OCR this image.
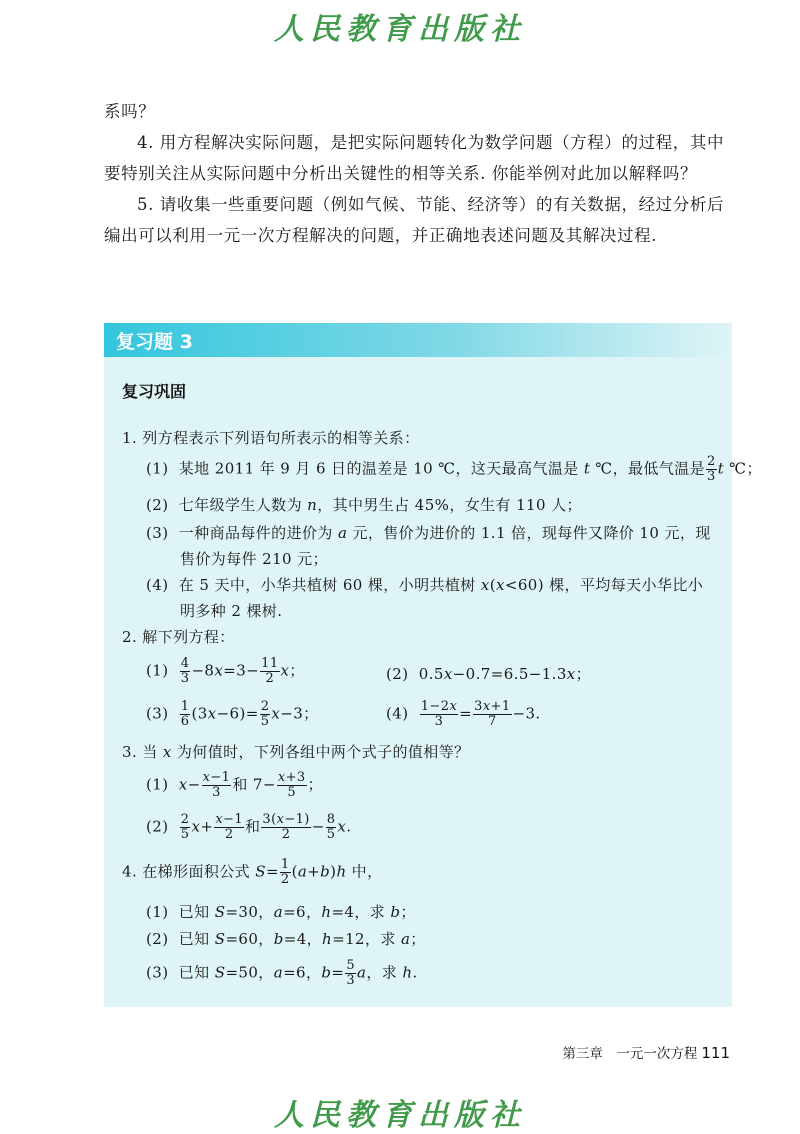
人民教育出版社

系吗？

4. 用方程解决实际问题，是把实际问题转化为数学问题（方程）的过程，其中要特别关注从实际问题中分析出关键性的相等关系. 你能举例对此加以解释吗？

5. 请收集一些重要问题（例如气候、节能、经济等）的有关数据，经过分析后编出可以利用一元一次方程解决的问题，并正确地表述问题及其解决过程.

复习题 3
复习巩固
1. 列方程表示下列语句所表示的相等关系：
(1)  某地 2011 年 9 月 6 日的温差是 10 ℃，这天最高气温是 t ℃，最低气温是 $\frac{2}{3}$ t ℃；
(2)  七年级学生人数为 n，其中男生占 45%，女生有 110 人；
(3)  一种商品每件的进价为 a 元，售价为进价的 1.1 倍，现每件又降价 10 元，现
售价为每件 210 元；
(4)  在 5 天中，小华共植树 60 棵，小明共植树 x(x<60) 棵，平均每天小华比小
明多种 2 棵树.
2. 解下列方程：
$(1) \frac{4}{3} -8x=3- \frac{11}{2}$ x；	(2)  0.5x−0.7=6.5−1.3x；
$(3) \frac{1}{6} (3x-6)= \frac{2}{5} x-3$；	$(4) \frac{1-2x}{3} = \frac{3x+1}{7} -3$.
3. 当 x 为何值时，下列各组中两个式子的值相等？
(1)  $x- \frac{x-1}{3}$ 和 $7- \frac{x+3}{5}$ ；
$(2) \frac{2}{5} x+ \frac{x-1}{2}$ 和 $\frac{3(x-1)}{2} - \frac{8}{5} x$.
4. 在梯形面积公式 $S= \frac{1}{2} (a+b)h$ 中，
(1)  已知 S=30，a=6，h=4，求 b；
(2)  已知 S=60，b=4，h=12，求 a；
(3)  已知 S=50，a=6，$b= \frac{5}{3}$ a，求 h.
第三章　一元一次方程 111
人民教育出版社
